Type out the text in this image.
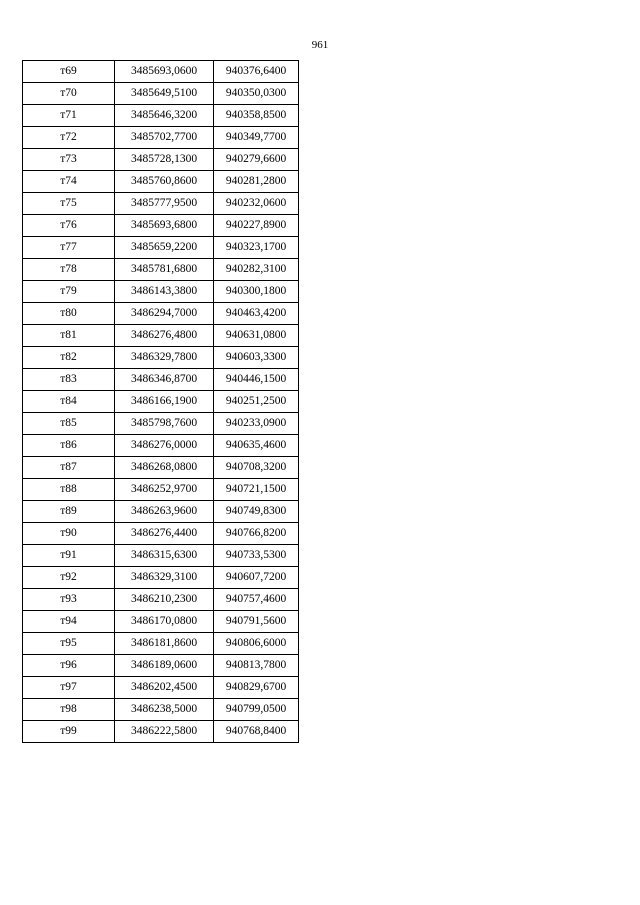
961
т69	3485693,0600	940376,6400
т70	3485649,5100	940350,0300
т71	3485646,3200	940358,8500
т72	3485702,7700	940349,7700
т73	3485728,1300	940279,6600
т74	3485760,8600	940281,2800
т75	3485777,9500	940232,0600
т76	3485693,6800	940227,8900
т77	3485659,2200	940323,1700
т78	3485781,6800	940282,3100
т79	3486143,3800	940300,1800
т80	3486294,7000	940463,4200
т81	3486276,4800	940631,0800
т82	3486329,7800	940603,3300
т83	3486346,8700	940446,1500
т84	3486166,1900	940251,2500
т85	3485798,7600	940233,0900
т86	3486276,0000	940635,4600
т87	3486268,0800	940708,3200
т88	3486252,9700	940721,1500
т89	3486263,9600	940749,8300
т90	3486276,4400	940766,8200
т91	3486315,6300	940733,5300
т92	3486329,3100	940607,7200
т93	3486210,2300	940757,4600
т94	3486170,0800	940791,5600
т95	3486181,8600	940806,6000
т96	3486189,0600	940813,7800
т97	3486202,4500	940829,6700
т98	3486238,5000	940799,0500
т99	3486222,5800	940768,8400
